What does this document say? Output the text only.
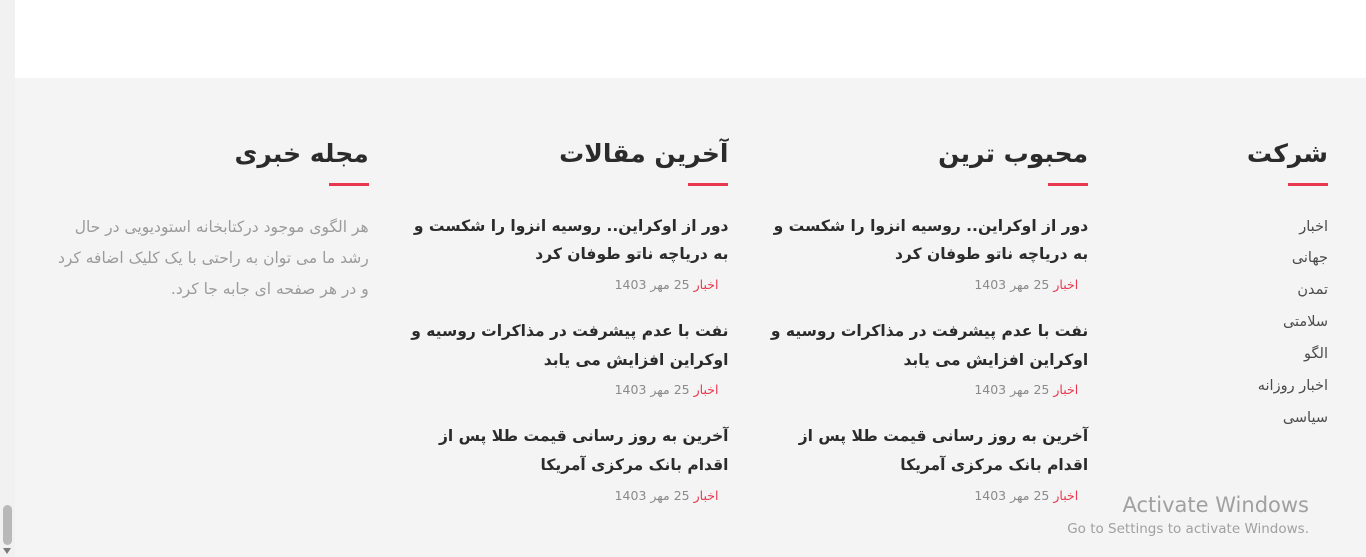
شرکت
اخبار
جهانی
تمدن
سلامتی
الگو
اخبار روزانه
سیاسی
محبوب ترین
دور از اوکراین.. روسیه انزوا را شکست و به دریاچه ناتو طوفان کرد
اخبار 25 مهر 1403
نفت با عدم پیشرفت در مذاکرات روسیه و اوکراین افزایش می یابد
اخبار 25 مهر 1403
آخرین به روز رسانی قیمت طلا پس از اقدام بانک مرکزی آمریکا
اخبار 25 مهر 1403
آخرین مقالات
دور از اوکراین.. روسیه انزوا را شکست و به دریاچه ناتو طوفان کرد
اخبار 25 مهر 1403
نفت با عدم پیشرفت در مذاکرات روسیه و اوکراین افزایش می یابد
اخبار 25 مهر 1403
آخرین به روز رسانی قیمت طلا پس از اقدام بانک مرکزی آمریکا
اخبار 25 مهر 1403
مجله خبری

هر الگوی موجود درکتابخانه استودیویی در حال رشد ما می توان به راحتی با یک کلیک اضافه کرد و در هر صفحه ای جابه جا کرد.

Activate Windows
Go to Settings to activate Windows.
